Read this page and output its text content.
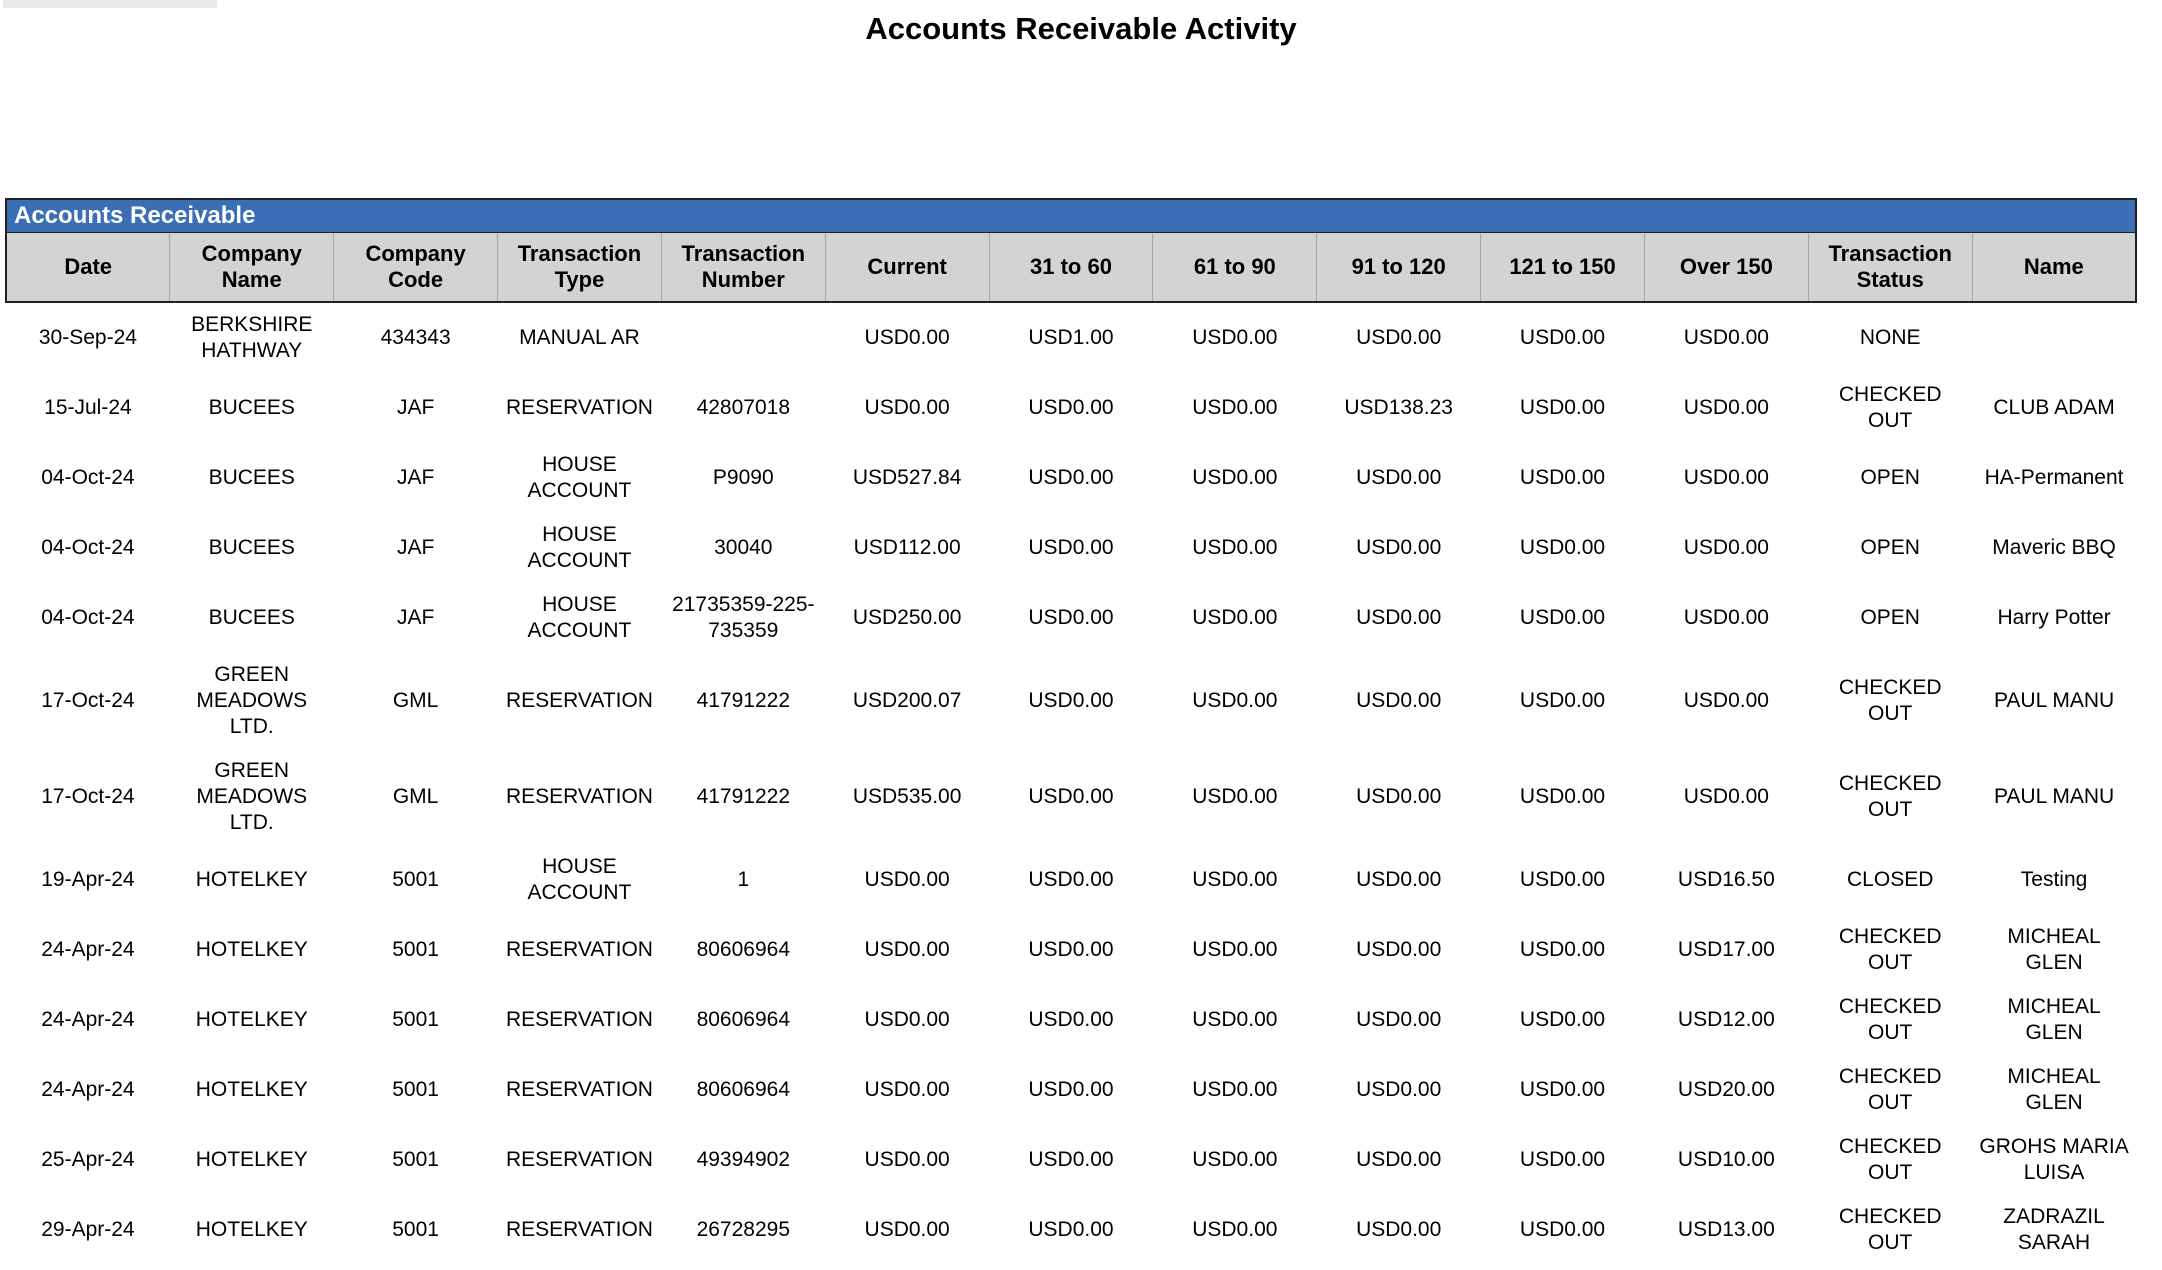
Accounts Receivable Activity
Accounts Receivable
Date	Company Name	Company Code	Transaction Type	Transaction Number	Current	31 to 60	61 to 90	91 to 120	121 to 150	Over 150	Transaction Status	Name
30-Sep-24	BERKSHIRE HATHWAY	434343	MANUAL AR		USD0.00	USD1.00	USD0.00	USD0.00	USD0.00	USD0.00	NONE	
15-Jul-24	BUCEES	JAF	RESERVATION	42807018	USD0.00	USD0.00	USD0.00	USD138.23	USD0.00	USD0.00	CHECKED OUT	CLUB ADAM
04-Oct-24	BUCEES	JAF	HOUSE ACCOUNT	P9090	USD527.84	USD0.00	USD0.00	USD0.00	USD0.00	USD0.00	OPEN	HA-Permanent
04-Oct-24	BUCEES	JAF	HOUSE ACCOUNT	30040	USD112.00	USD0.00	USD0.00	USD0.00	USD0.00	USD0.00	OPEN	Maveric BBQ
04-Oct-24	BUCEES	JAF	HOUSE ACCOUNT	21735359-225-735359	USD250.00	USD0.00	USD0.00	USD0.00	USD0.00	USD0.00	OPEN	Harry Potter
17-Oct-24	GREEN MEADOWS LTD.	GML	RESERVATION	41791222	USD200.07	USD0.00	USD0.00	USD0.00	USD0.00	USD0.00	CHECKED OUT	PAUL MANU
17-Oct-24	GREEN MEADOWS LTD.	GML	RESERVATION	41791222	USD535.00	USD0.00	USD0.00	USD0.00	USD0.00	USD0.00	CHECKED OUT	PAUL MANU
19-Apr-24	HOTELKEY	5001	HOUSE ACCOUNT	1	USD0.00	USD0.00	USD0.00	USD0.00	USD0.00	USD16.50	CLOSED	Testing
24-Apr-24	HOTELKEY	5001	RESERVATION	80606964	USD0.00	USD0.00	USD0.00	USD0.00	USD0.00	USD17.00	CHECKED OUT	MICHEAL GLEN
24-Apr-24	HOTELKEY	5001	RESERVATION	80606964	USD0.00	USD0.00	USD0.00	USD0.00	USD0.00	USD12.00	CHECKED OUT	MICHEAL GLEN
24-Apr-24	HOTELKEY	5001	RESERVATION	80606964	USD0.00	USD0.00	USD0.00	USD0.00	USD0.00	USD20.00	CHECKED OUT	MICHEAL GLEN
25-Apr-24	HOTELKEY	5001	RESERVATION	49394902	USD0.00	USD0.00	USD0.00	USD0.00	USD0.00	USD10.00	CHECKED OUT	GROHS MARIA LUISA
29-Apr-24	HOTELKEY	5001	RESERVATION	26728295	USD0.00	USD0.00	USD0.00	USD0.00	USD0.00	USD13.00	CHECKED OUT	ZADRAZIL SARAH
